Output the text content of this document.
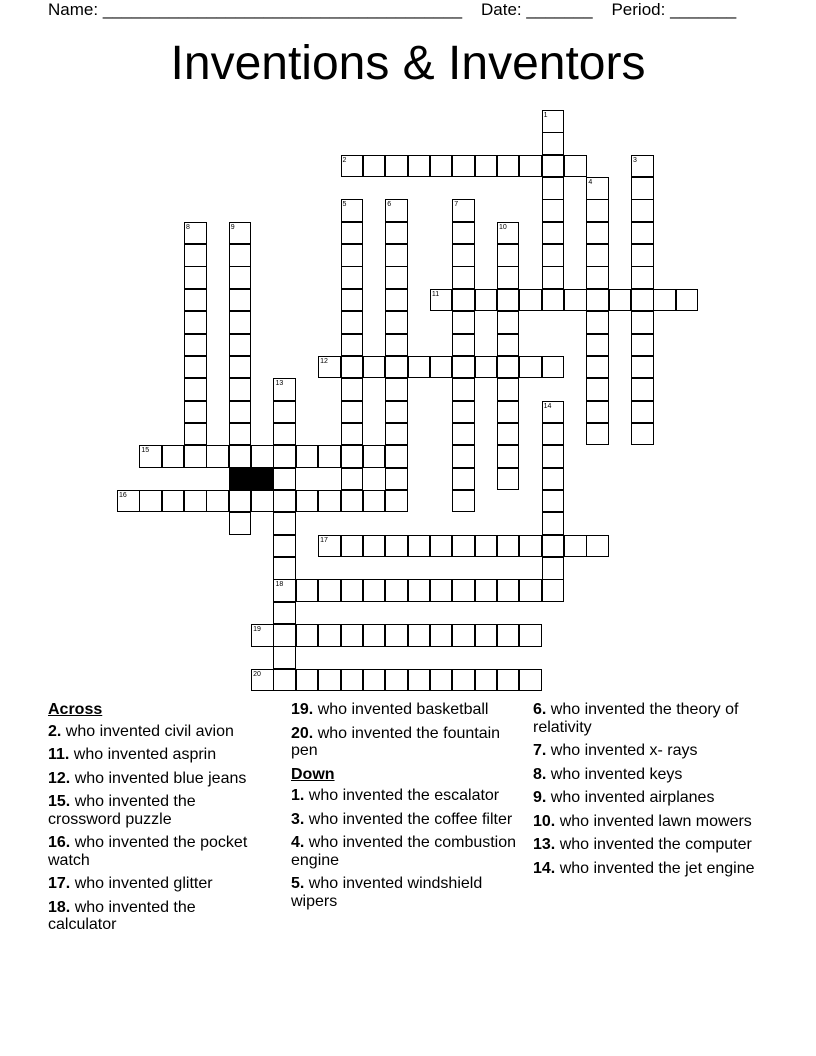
Name: ______________________________________ Date: _______ Period: _______
Inventions & Inventors
1
2	3
4
5	6	7
8	9	10
11
12
13
18
14
15
16
17
19
20
Across
2. who invented civil avion
11. who invented asprin
12. who invented blue jeans
15. who invented the crossword puzzle
16. who invented the pocket watch
17. who invented glitter
18. who invented the calculator
19. who invented basketball
20. who invented the fountain pen
Down
1. who invented the escalator
3. who invented the coffee filter
4. who invented the combustion engine
5. who invented windshield wipers
6. who invented the theory of relativity
7. who invented x- rays
8. who invented keys
9. who invented airplanes
10. who invented lawn mowers
13. who invented the computer
14. who invented the jet engine
